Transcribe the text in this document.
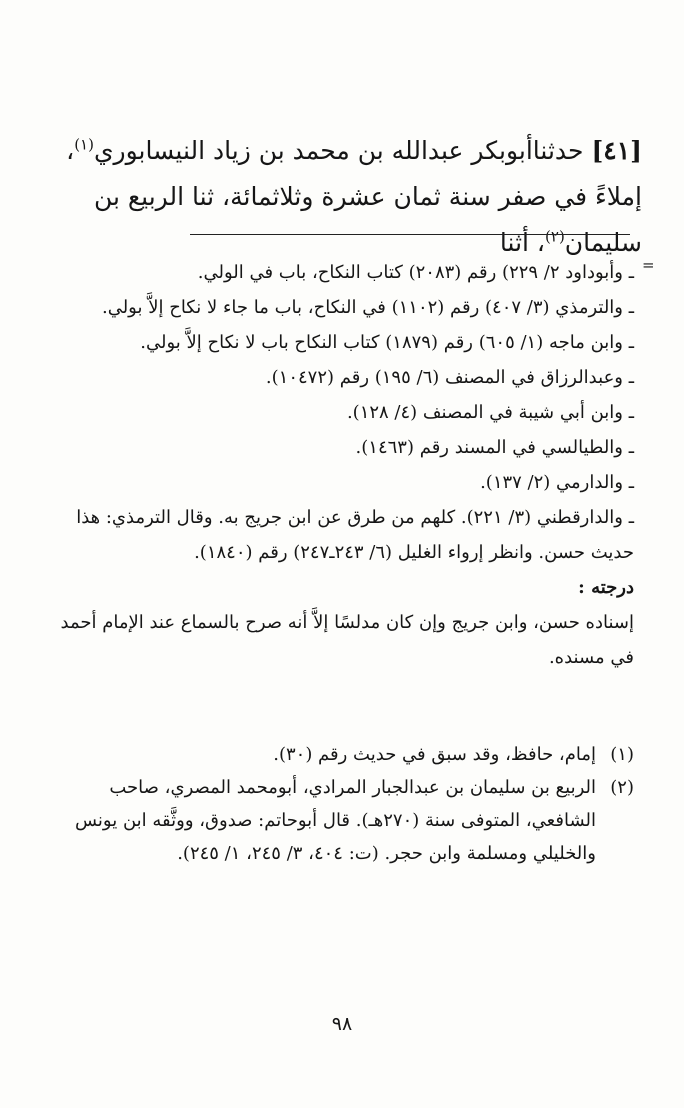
[٤١] حدثناأبوبكر عبدالله بن محمد بن زياد النيسابوري$^{(١)}$، إملاءً في صفر سنة ثمان عشرة وثلاثمائة، ثنا الربيع بن سليمان$^{(٢)}$، أثنا
=

ـ وأبوداود ٢/ ٢٢٩) رقم (٢٠٨٣) كتاب النكاح، باب في الولي.

ـ والترمذي (٣/ ٤٠٧) رقم (١١٠٢) في النكاح، باب ما جاء لا نكاح إلاَّ بولي.

ـ وابن ماجه (١/ ٦٠٥) رقم (١٨٧٩) كتاب النكاح باب لا نكاح إلاَّ بولي.

ـ وعبدالرزاق في المصنف (٦/ ١٩٥) رقم (١٠٤٧٢).

ـ وابن أبي شيبة في المصنف (٤/ ١٢٨).

ـ والطيالسي في المسند رقم (١٤٦٣).

ـ والدارمي (٢/ ١٣٧).

ـ والدارقطني (٣/ ٢٢١). كلهم من طرق عن ابن جريج به. وقال الترمذي: هذا حديث حسن. وانظر إرواء الغليل (٦/ ٢٤٣ـ٢٤٧) رقم (١٨٤٠).

درجته :

إسناده حسن، وابن جريج وإن كان مدلسًا إلاَّ أنه صرح بالسماع عند الإمام أحمد في مسنده.

(١)
إمام، حافظ، وقد سبق في حديث رقم (٣٠).
(٢)
الربيع بن سليمان بن عبدالجبار المرادي، أبومحمد المصري، صاحب الشافعي، المتوفى سنة (٢٧٠هـ). قال أبوحاتم: صدوق، ووثَّقه ابن يونس والخليلي ومسلمة وابن حجر. (ت: ٤٠٤، ٣/ ٢٤٥، ١/ ٢٤٥).
٩٨
